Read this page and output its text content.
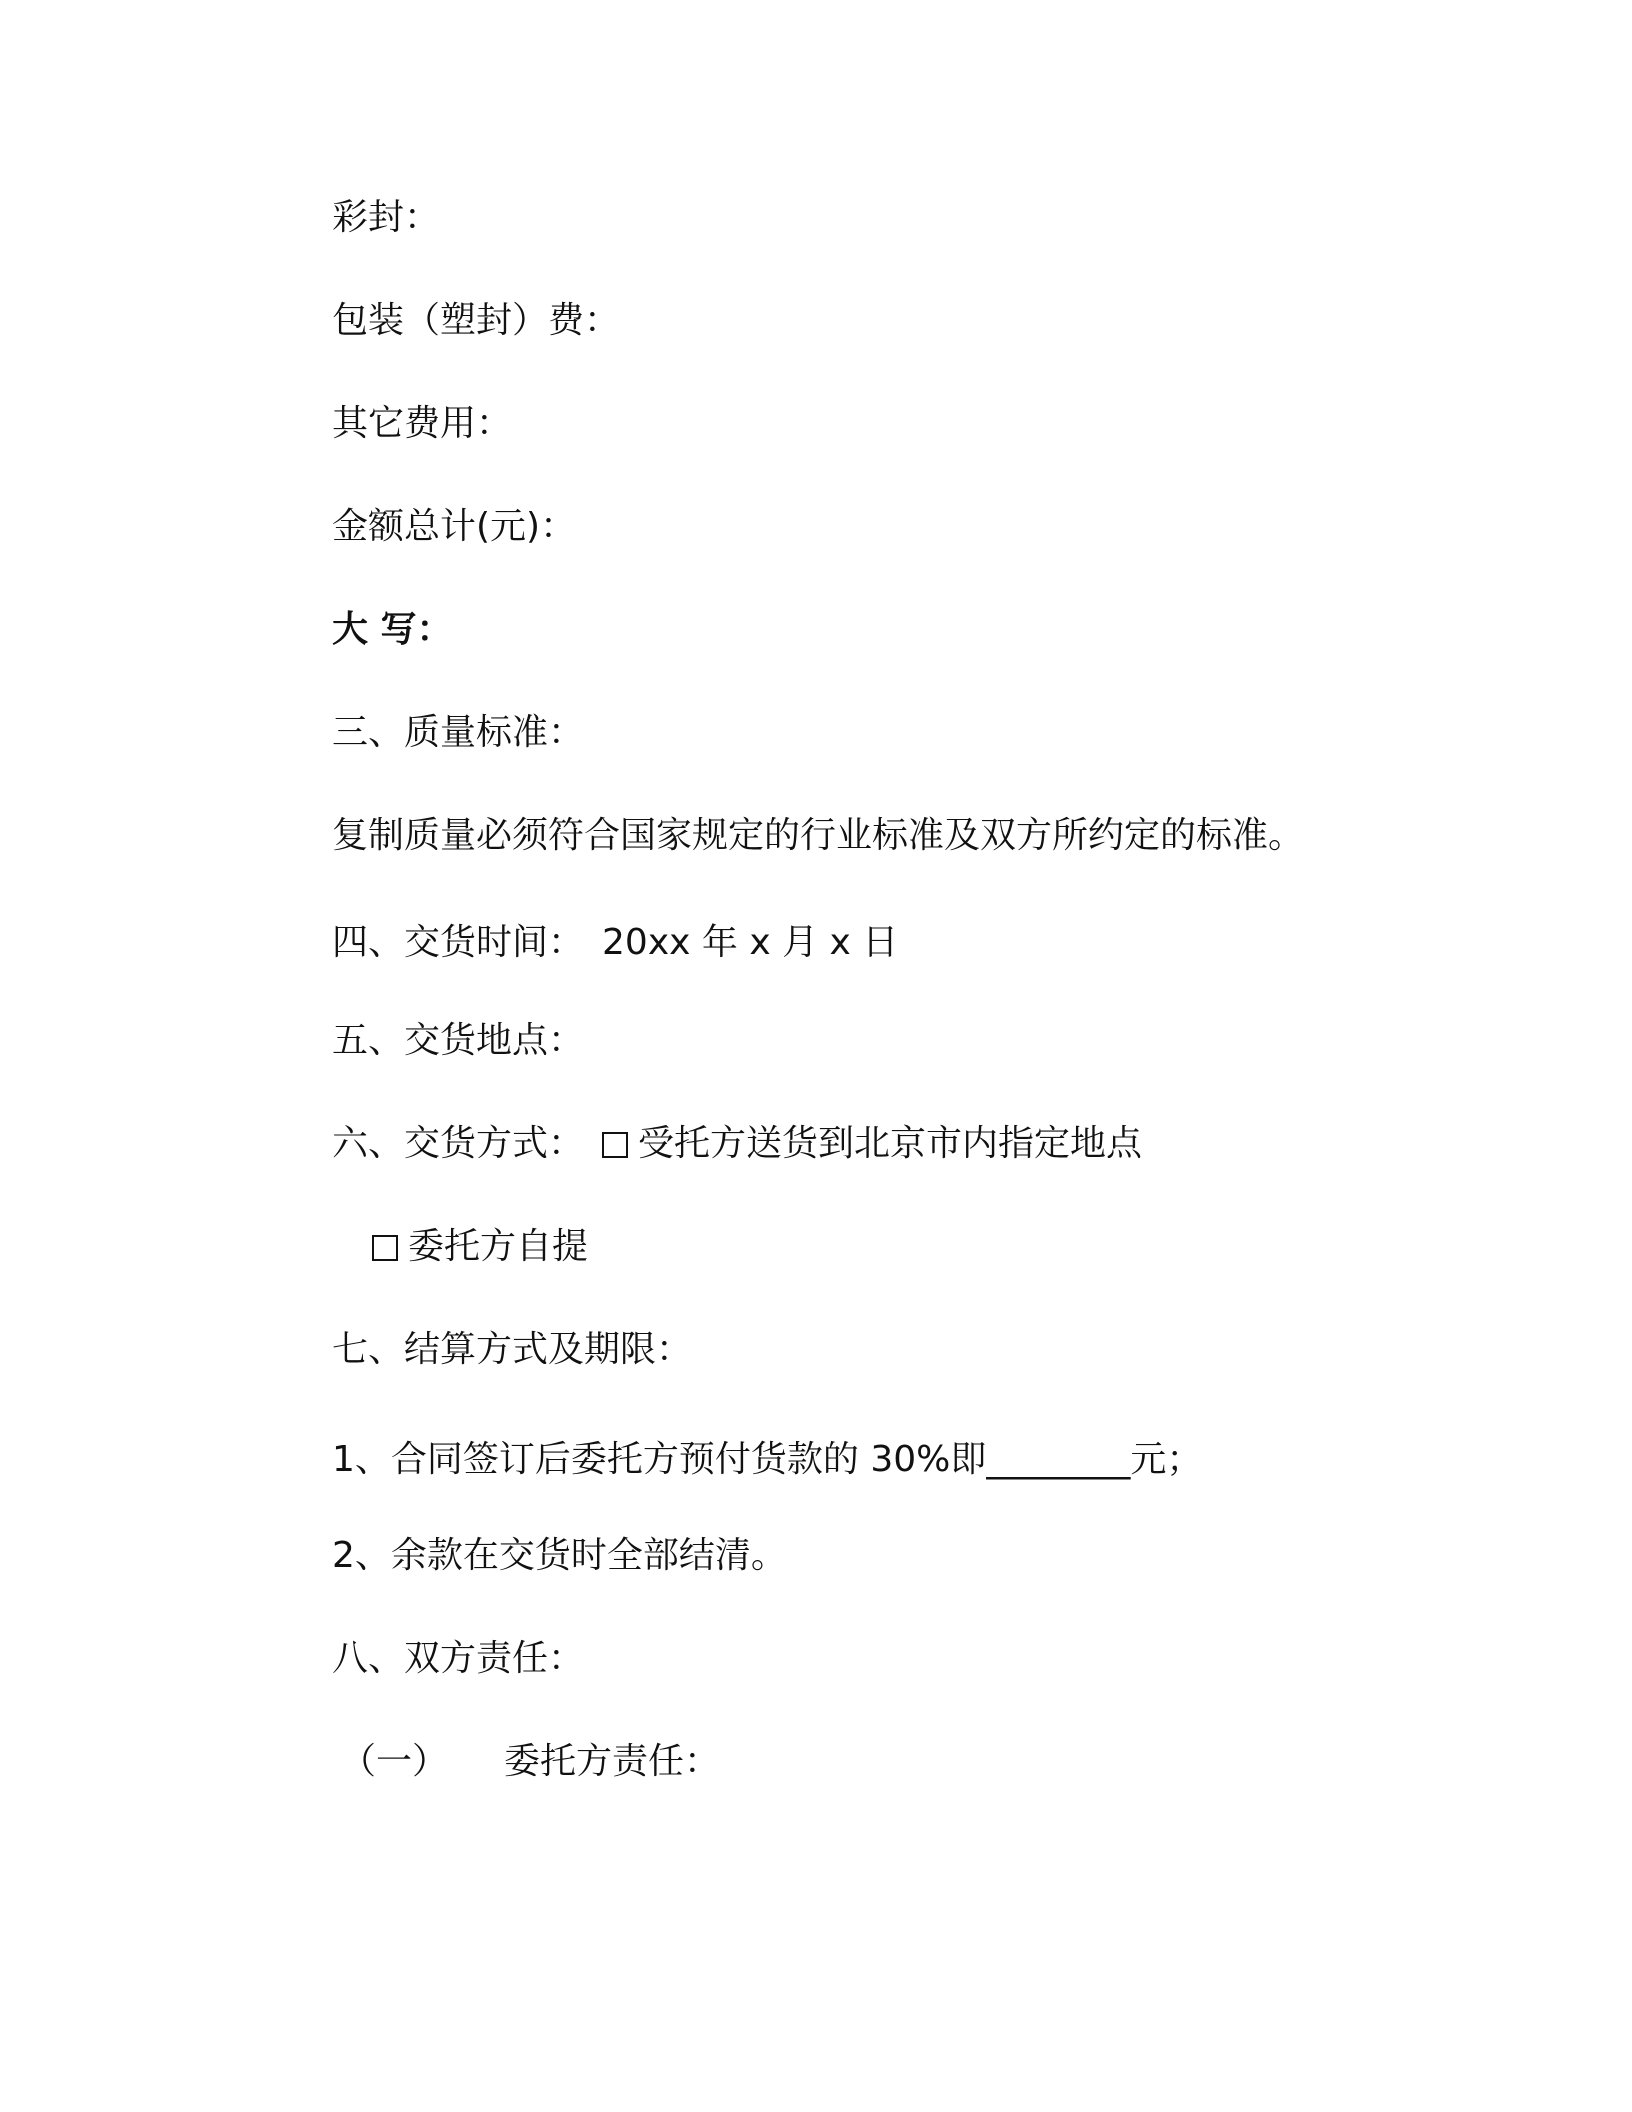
彩封：
包装（塑封）费：
其它费用：
金额总计(元)：
大 写：
三、质量标准：
复制质量必须符合国家规定的行业标准及双方所约定的标准。
四、交货时间： 20xx 年 x 月 x 日
五、交货地点：
六、交货方式： 受托方送货到北京市内指定地点
委托方自提
七、结算方式及期限：
1、合同签订后委托方预付货款的 30%即________元；
2、余款在交货时全部结清。
八、双方责任：
（一） 委托方责任：
